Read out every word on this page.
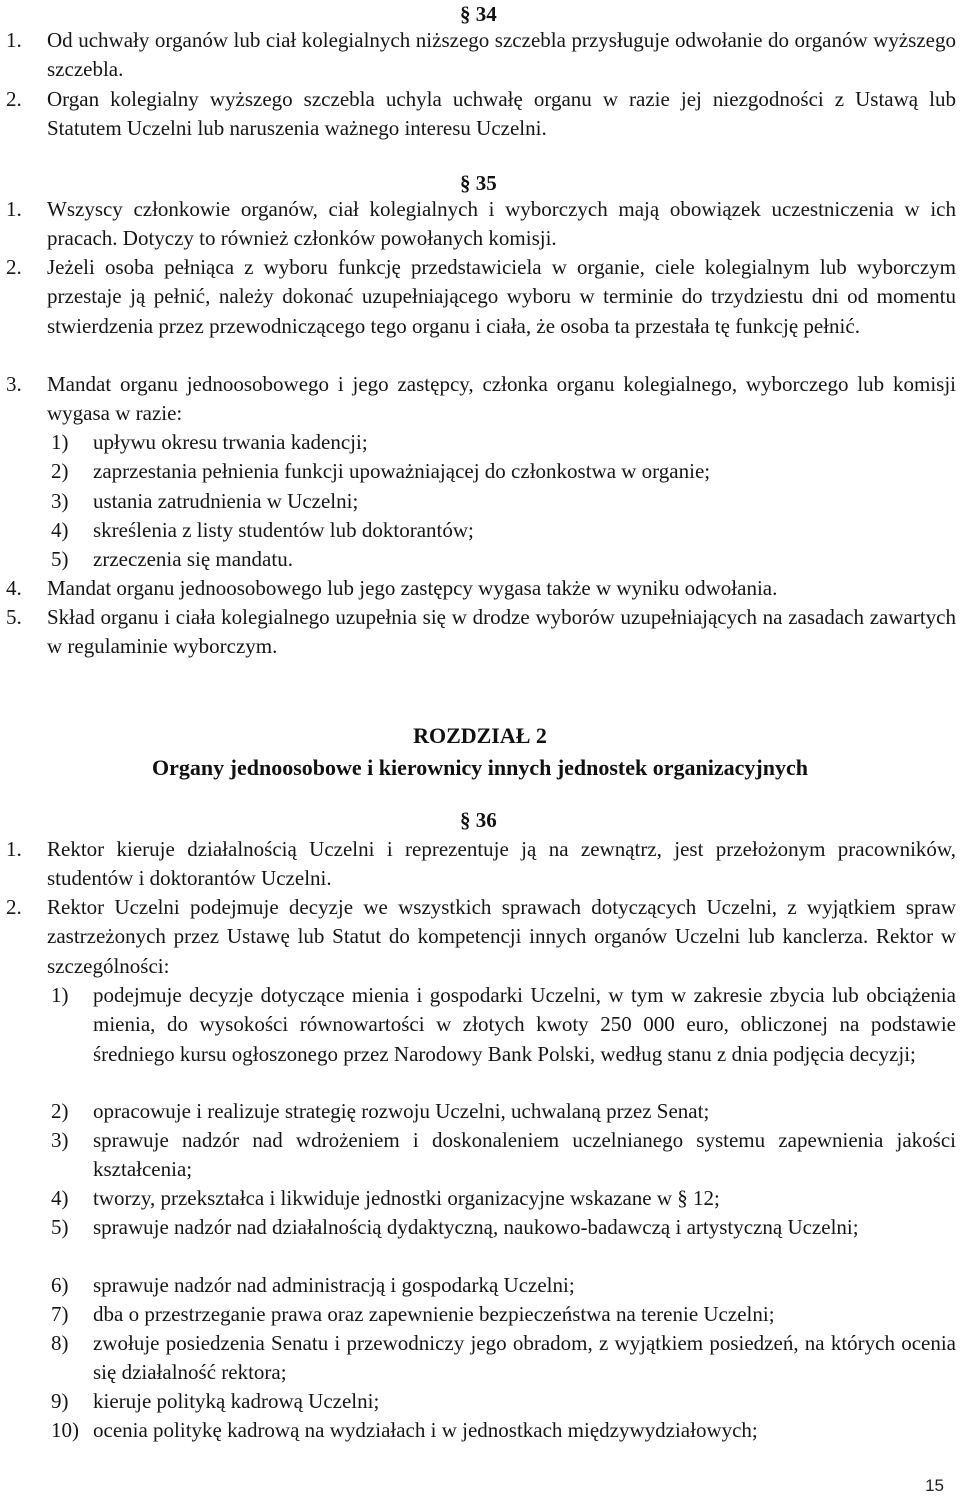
§ 34
1. Od uchwały organów lub ciał kolegialnych niższego szczebla przysługuje odwołanie do organów wyższego szczebla.
2. Organ kolegialny wyższego szczebla uchyla uchwałę organu w razie jej niezgodności z Ustawą lub Statutem Uczelni lub naruszenia ważnego interesu Uczelni.
§ 35
1. Wszyscy członkowie organów, ciał kolegialnych i wyborczych mają obowiązek uczestniczenia w ich pracach. Dotyczy to również członków powołanych komisji.
2. Jeżeli osoba pełniąca z wyboru funkcję przedstawiciela w organie, ciele kolegialnym lub wyborczym przestaje ją pełnić, należy dokonać uzupełniającego wyboru w terminie do trzydziestu dni od momentu stwierdzenia przez przewodniczącego tego organu i ciała, że osoba ta przestała tę funkcję pełnić.
3. Mandat organu jednoosobowego i jego zastępcy, członka organu kolegialnego, wyborczego lub komisji wygasa w razie:
1) upływu okresu trwania kadencji;
2) zaprzestania pełnienia funkcji upoważniającej do członkostwa w organie;
3) ustania zatrudnienia w Uczelni;
4) skreślenia z listy studentów lub doktorantów;
5) zrzeczenia się mandatu.
4. Mandat organu jednoosobowego lub jego zastępcy wygasa także w wyniku odwołania.
5. Skład organu i ciała kolegialnego uzupełnia się w drodze wyborów uzupełniających na zasadach zawartych w regulaminie wyborczym.
ROZDZIAŁ 2
Organy jednoosobowe i kierownicy innych jednostek organizacyjnych
§ 36
1. Rektor kieruje działalnością Uczelni i reprezentuje ją na zewnątrz, jest przełożonym pracowników, studentów i doktorantów Uczelni.
2. Rektor Uczelni podejmuje decyzje we wszystkich sprawach dotyczących Uczelni, z wyjątkiem spraw zastrzeżonych przez Ustawę lub Statut do kompetencji innych organów Uczelni lub kanclerza. Rektor w szczególności:
1) podejmuje decyzje dotyczące mienia i gospodarki Uczelni, w tym w zakresie zbycia lub obciążenia mienia, do wysokości równowartości w złotych kwoty 250 000 euro, obliczonej na podstawie średniego kursu ogłoszonego przez Narodowy Bank Polski, według stanu z dnia podjęcia decyzji;
2) opracowuje i realizuje strategię rozwoju Uczelni, uchwalaną przez Senat;
3) sprawuje nadzór nad wdrożeniem i doskonaleniem uczelnianego systemu zapewnienia jakości kształcenia;
4) tworzy, przekształca i likwiduje jednostki organizacyjne wskazane w § 12;
5) sprawuje nadzór nad działalnością dydaktyczną, naukowo-badawczą i artystyczną Uczelni;
6) sprawuje nadzór nad administracją i gospodarką Uczelni;
7) dba o przestrzeganie prawa oraz zapewnienie bezpieczeństwa na terenie Uczelni;
8) zwołuje posiedzenia Senatu i przewodniczy jego obradom, z wyjątkiem posiedzeń, na których ocenia się działalność rektora;
9) kieruje polityką kadrową Uczelni;
10) ocenia politykę kadrową na wydziałach i w jednostkach międzywydziałowych;
15
